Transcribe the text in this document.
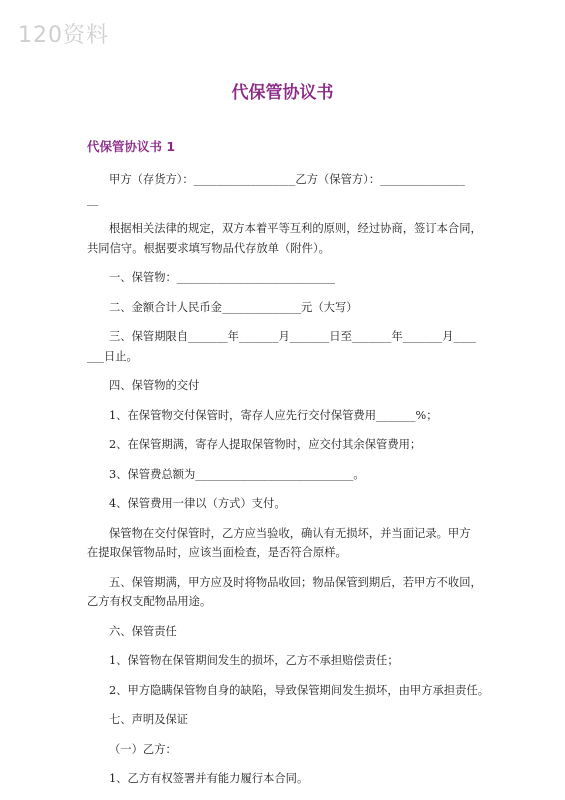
120资料
代保管协议书
代保管协议书 1

甲方（存货方）：__________________乙方（保管方）：_______________
__

根据相关法律的规定，双方本着平等互利的原则，经过协商，签订本合同，
共同信守。根据要求填写物品代存放单（附件）。

一、保管物：____________________________

二、金额合计人民币金______________元（大写）

三、保管期限自_______年_______月_______日至_______年_______月____
___日止。

四、保管物的交付

1、在保管物交付保管时，寄存人应先行交付保管费用_______%；

2、在保管期满，寄存人提取保管物时，应交付其余保管费用；

3、保管费总额为____________________________。

4、保管费用一律以（方式）支付。

保管物在交付保管时，乙方应当验收，确认有无损坏，并当面记录。甲方
在提取保管物品时，应该当面检查，是否符合原样。

五、保管期满，甲方应及时将物品收回；物品保管到期后，若甲方不收回，
乙方有权支配物品用途。

六、保管责任

1、保管物在保管期间发生的损坏，乙方不承担赔偿责任；

2、甲方隐瞒保管物自身的缺陷，导致保管期间发生损坏，由甲方承担责任。

七、声明及保证

（一）乙方：

1、乙方有权签署并有能力履行本合同。
